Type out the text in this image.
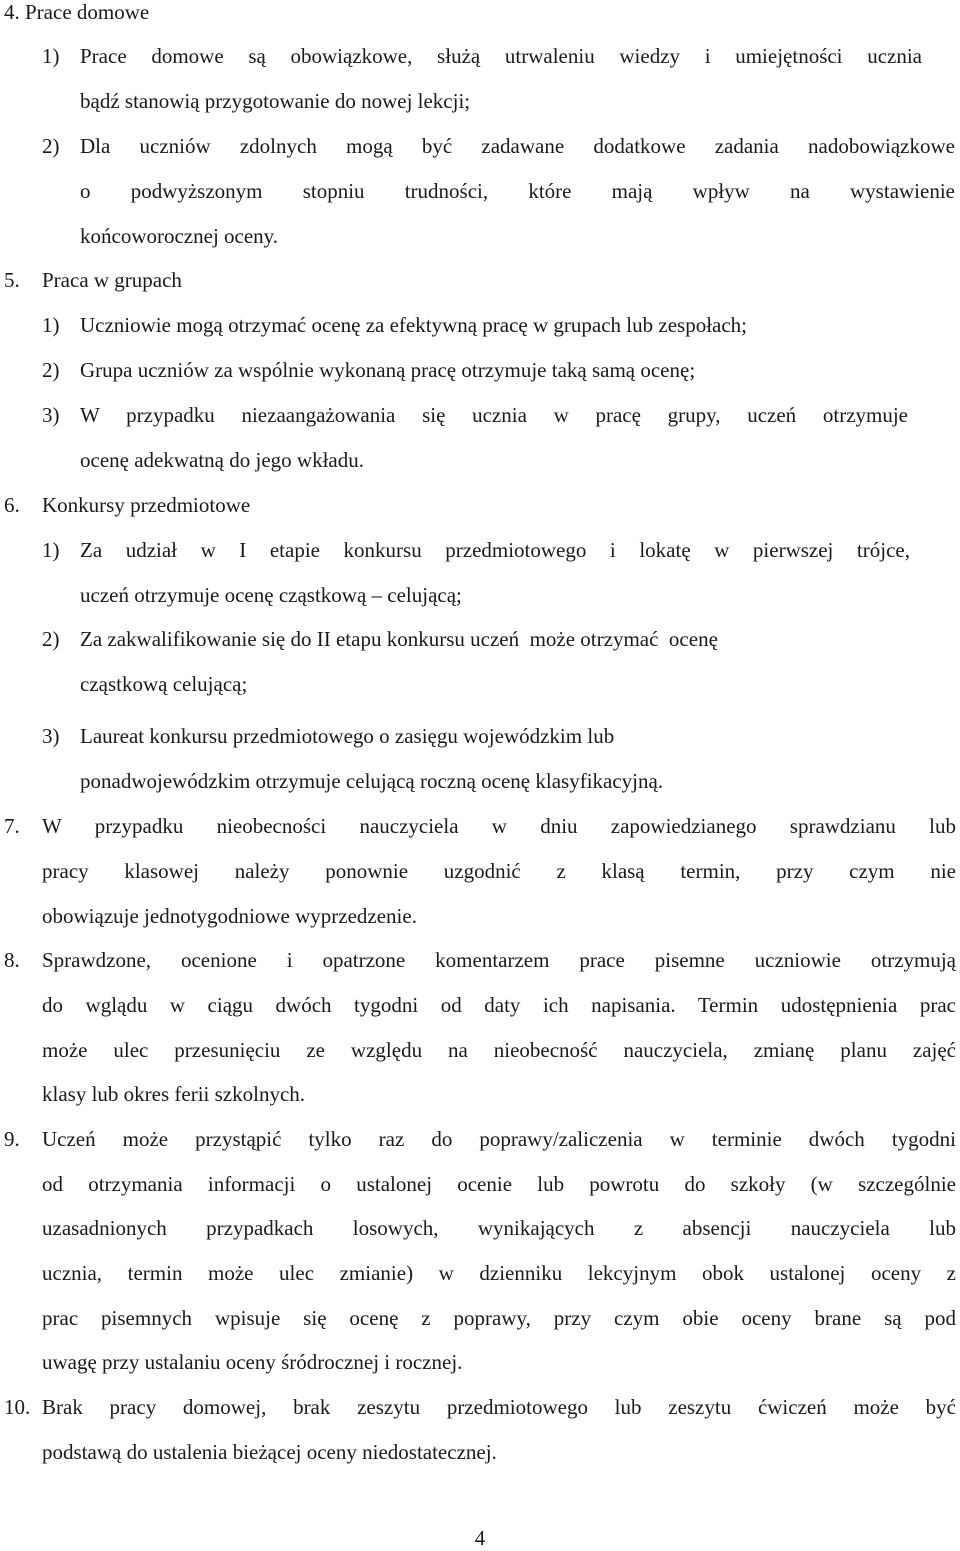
4. Prace domowe
1) Prace domowe są obowiązkowe, służą utrwaleniu wiedzy i umiejętności ucznia
bądź stanowią przygotowanie do nowej lekcji;
2) Dla uczniów zdolnych mogą być zadawane dodatkowe zadania nadobowiązkowe
o podwyższonym stopniu trudności, które mają wpływ na wystawienie
końcoworocznej oceny.
5. Praca w grupach
1) Uczniowie mogą otrzymać ocenę za efektywną pracę w grupach lub zespołach;
2) Grupa uczniów za wspólnie wykonaną pracę otrzymuje taką samą ocenę;
3) W przypadku niezaangażowania się ucznia w pracę grupy, uczeń otrzymuje
ocenę adekwatną do jego wkładu.
6. Konkursy przedmiotowe
1) Za udział w I etapie konkursu przedmiotowego i lokatę w pierwszej trójce,
uczeń otrzymuje ocenę cząstkową – celującą;
2) Za zakwalifikowanie się do II etapu konkursu uczeń  może otrzymać  ocenę
cząstkową celującą;
3) Laureat konkursu przedmiotowego o zasięgu wojewódzkim lub
ponadwojewódzkim otrzymuje celującą roczną ocenę klasyfikacyjną.
7. W przypadku nieobecności nauczyciela w dniu zapowiedzianego sprawdzianu lub
pracy klasowej należy ponownie uzgodnić z klasą termin, przy czym nie
obowiązuje jednotygodniowe wyprzedzenie.
8. Sprawdzone, ocenione i opatrzone komentarzem prace pisemne uczniowie otrzymują
do wglądu w ciągu dwóch tygodni od daty ich napisania. Termin udostępnienia prac
może ulec przesunięciu ze względu na nieobecność nauczyciela, zmianę planu zajęć
klasy lub okres ferii szkolnych.
9. Uczeń może przystąpić tylko raz do poprawy/zaliczenia w terminie dwóch tygodni
od otrzymania informacji o ustalonej ocenie lub powrotu do szkoły (w szczególnie
uzasadnionych przypadkach losowych, wynikających z absencji nauczyciela lub
ucznia, termin może ulec zmianie) w dzienniku lekcyjnym obok ustalonej oceny z
prac pisemnych wpisuje się ocenę z poprawy, przy czym obie oceny brane są pod
uwagę przy ustalaniu oceny śródrocznej i rocznej.
10. Brak pracy domowej, brak zeszytu przedmiotowego lub zeszytu ćwiczeń może być
podstawą do ustalenia bieżącej oceny niedostatecznej.
4
